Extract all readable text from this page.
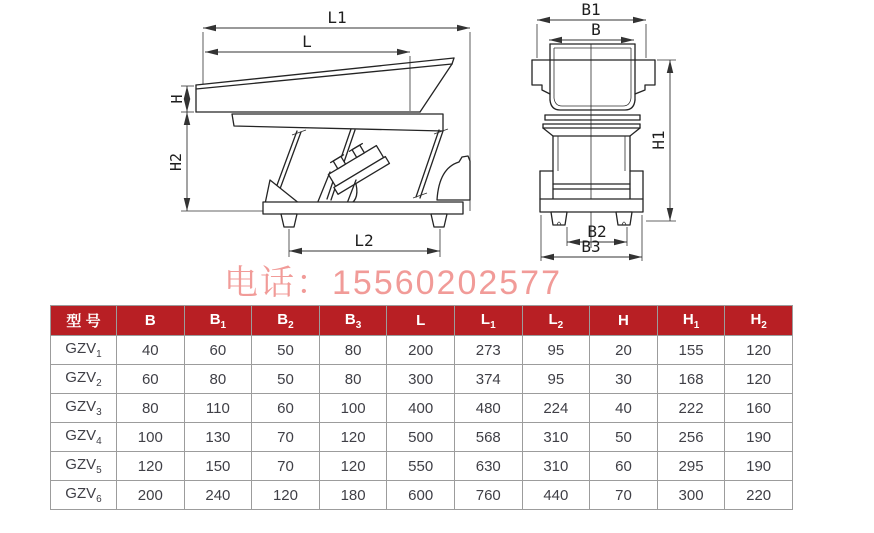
L1
L
H
H2
L2
B1
B
B2
B3
H1
电话：15560202577
型 号	B	$B_1$	$B_2$	$B_3$	L	$L_1$	$L_2$	H	$H_1$	$H_2$
$GZV_1$	40	60	50	80	200	273	95	20	155	120
$GZV_2$	60	80	50	80	300	374	95	30	168	120
$GZV_3$	80	110	60	100	400	480	224	40	222	160
$GZV_4$	100	130	70	120	500	568	310	50	256	190
$GZV_5$	120	150	70	120	550	630	310	60	295	190
$GZV_6$	200	240	120	180	600	760	440	70	300	220
